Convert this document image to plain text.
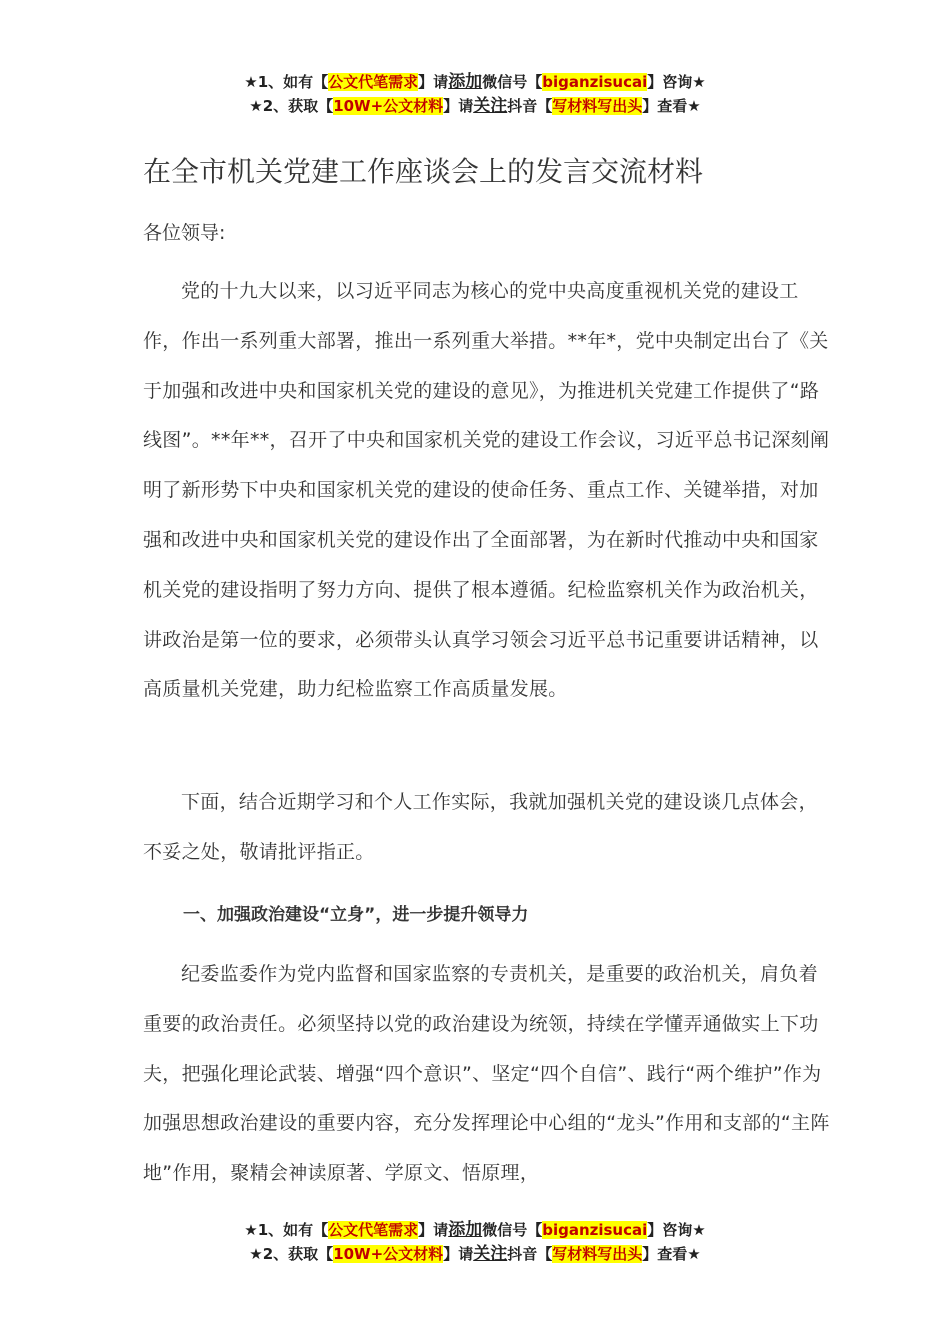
★1、如有【公文代笔需求】请添加微信号【biganzisucai】咨询★
★2、获取【10W+公文材料】请关注抖音【写材料写出头】查看★
在全市机关党建工作座谈会上的发言交流材料

各位领导:

党的十九大以来，以习近平同志为核心的党中央高度重视机关党的建设工作，作出一系列重大部署，推出一系列重大举措。**年*，党中央制定出台了《关于加强和改进中央和国家机关党的建设的意见》，为推进机关党建工作提供了“路线图”。**年**，召开了中央和国家机关党的建设工作会议，习近平总书记深刻阐明了新形势下中央和国家机关党的建设的使命任务、重点工作、关键举措，对加强和改进中央和国家机关党的建设作出了全面部署，为在新时代推动中央和国家机关党的建设指明了努力方向、提供了根本遵循。纪检监察机关作为政治机关，讲政治是第一位的要求，必须带头认真学习领会习近平总书记重要讲话精神，以高质量机关党建，助力纪检监察工作高质量发展。

下面，结合近期学习和个人工作实际，我就加强机关党的建设谈几点体会，不妥之处，敬请批评指正。

一、加强政治建设“立身”，进一步提升领导力

纪委监委作为党内监督和国家监察的专责机关，是重要的政治机关，肩负着重要的政治责任。必须坚持以党的政治建设为统领，持续在学懂弄通做实上下功夫，把强化理论武装、增强“四个意识”、坚定“四个自信”、践行“两个维护”作为加强思想政治建设的重要内容，充分发挥理论中心组的“龙头”作用和支部的“主阵地”作用，聚精会神读原著、学原文、悟原理，

★1、如有【公文代笔需求】请添加微信号【biganzisucai】咨询★
★2、获取【10W+公文材料】请关注抖音【写材料写出头】查看★
